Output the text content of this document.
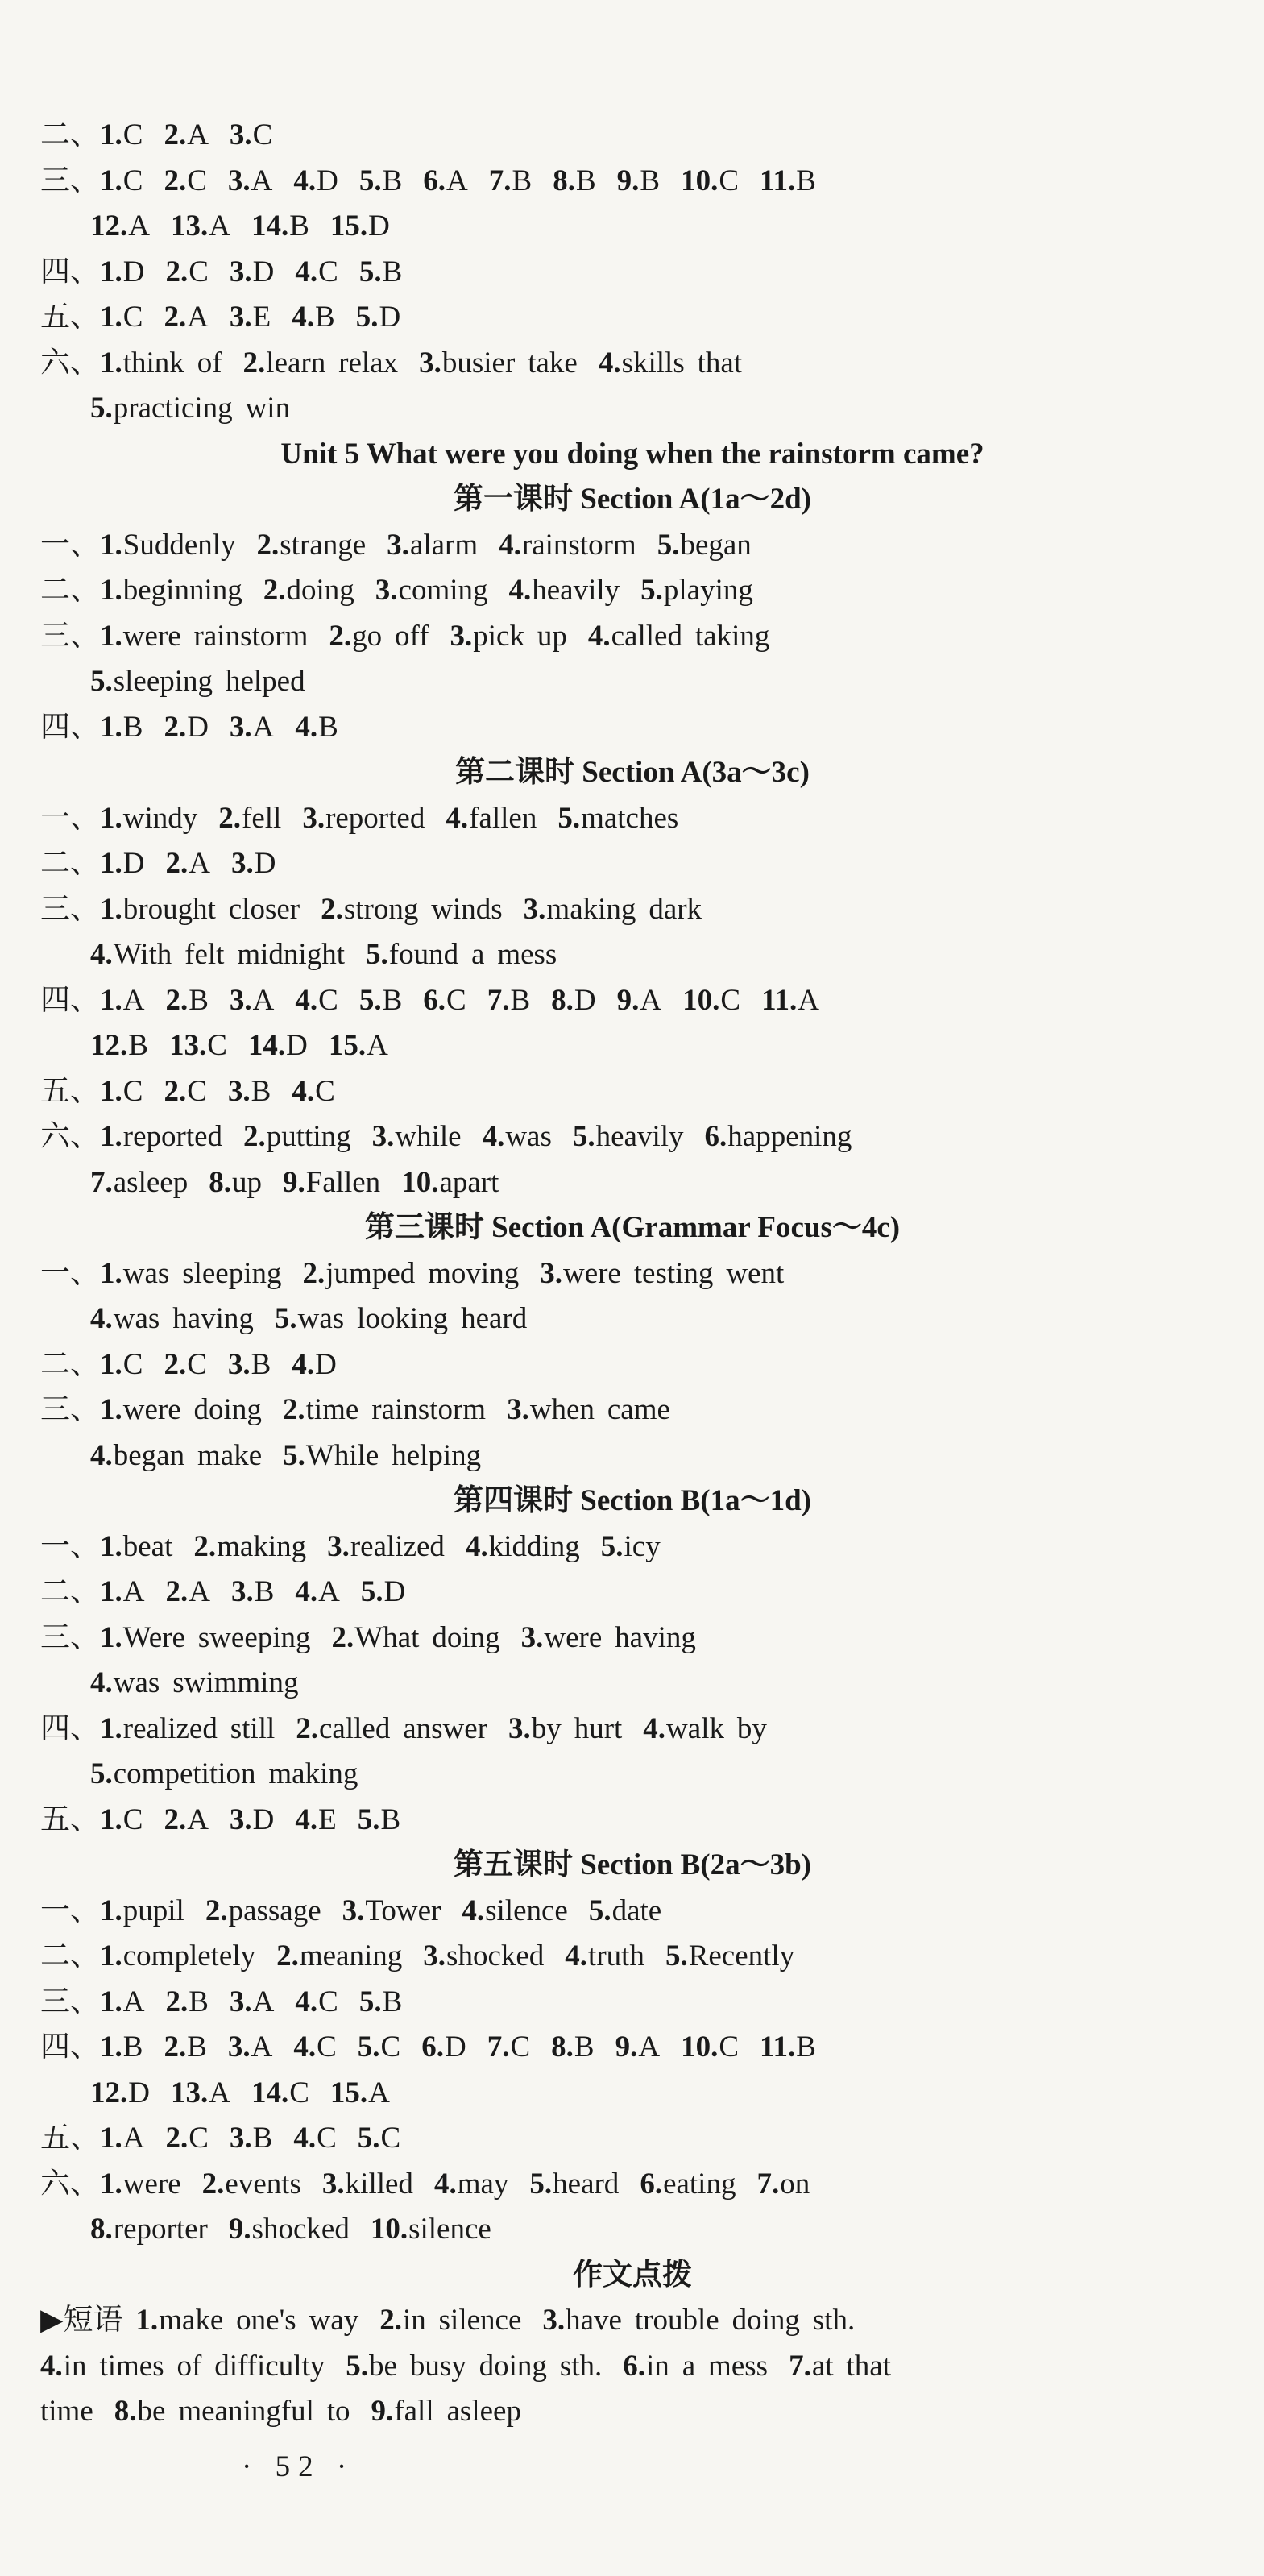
二、1.C 2.A 3.C
三、1.C 2.C 3.A 4.D 5.B 6.A 7.B 8.B 9.B 10.C 11.B
12.A 13.A 14.B 15.D
四、1.D 2.C 3.D 4.C 5.B
五、1.C 2.A 3.E 4.B 5.D
六、1.think of 2.learn relax 3.busier take 4.skills that
5.practicing win
Unit 5 What were you doing when the rainstorm came?
第一课时 Section A(1a～2d)
一、1.Suddenly 2.strange 3.alarm 4.rainstorm 5.began
二、1.beginning 2.doing 3.coming 4.heavily 5.playing
三、1.were rainstorm 2.go off 3.pick up 4.called taking
5.sleeping helped
四、1.B 2.D 3.A 4.B
第二课时 Section A(3a～3c)
一、1.windy 2.fell 3.reported 4.fallen 5.matches
二、1.D 2.A 3.D
三、1.brought closer 2.strong winds 3.making dark
4.With felt midnight 5.found a mess
四、1.A 2.B 3.A 4.C 5.B 6.C 7.B 8.D 9.A 10.C 11.A
12.B 13.C 14.D 15.A
五、1.C 2.C 3.B 4.C
六、1.reported 2.putting 3.while 4.was 5.heavily 6.happening
7.asleep 8.up 9.Fallen 10.apart
第三课时 Section A(Grammar Focus～4c)
一、1.was sleeping 2.jumped moving 3.were testing went
4.was having 5.was looking heard
二、1.C 2.C 3.B 4.D
三、1.were doing 2.time rainstorm 3.when came
4.began make 5.While helping
第四课时 Section B(1a～1d)
一、1.beat 2.making 3.realized 4.kidding 5.icy
二、1.A 2.A 3.B 4.A 5.D
三、1.Were sweeping 2.What doing 3.were having
4.was swimming
四、1.realized still 2.called answer 3.by hurt 4.walk by
5.competition making
五、1.C 2.A 3.D 4.E 5.B
第五课时 Section B(2a～3b)
一、1.pupil 2.passage 3.Tower 4.silence 5.date
二、1.completely 2.meaning 3.shocked 4.truth 5.Recently
三、1.A 2.B 3.A 4.C 5.B
四、1.B 2.B 3.A 4.C 5.C 6.D 7.C 8.B 9.A 10.C 11.B
12.D 13.A 14.C 15.A
五、1.A 2.C 3.B 4.C 5.C
六、1.were 2.events 3.killed 4.may 5.heard 6.eating 7.on
8.reporter 9.shocked 10.silence
作文点拨
▶短语 1.make one's way 2.in silence 3.have trouble doing sth.
4.in times of difficulty 5.be busy doing sth. 6.in a mess 7.at that
time 8.be meaningful to 9.fall asleep
· 52 ·
